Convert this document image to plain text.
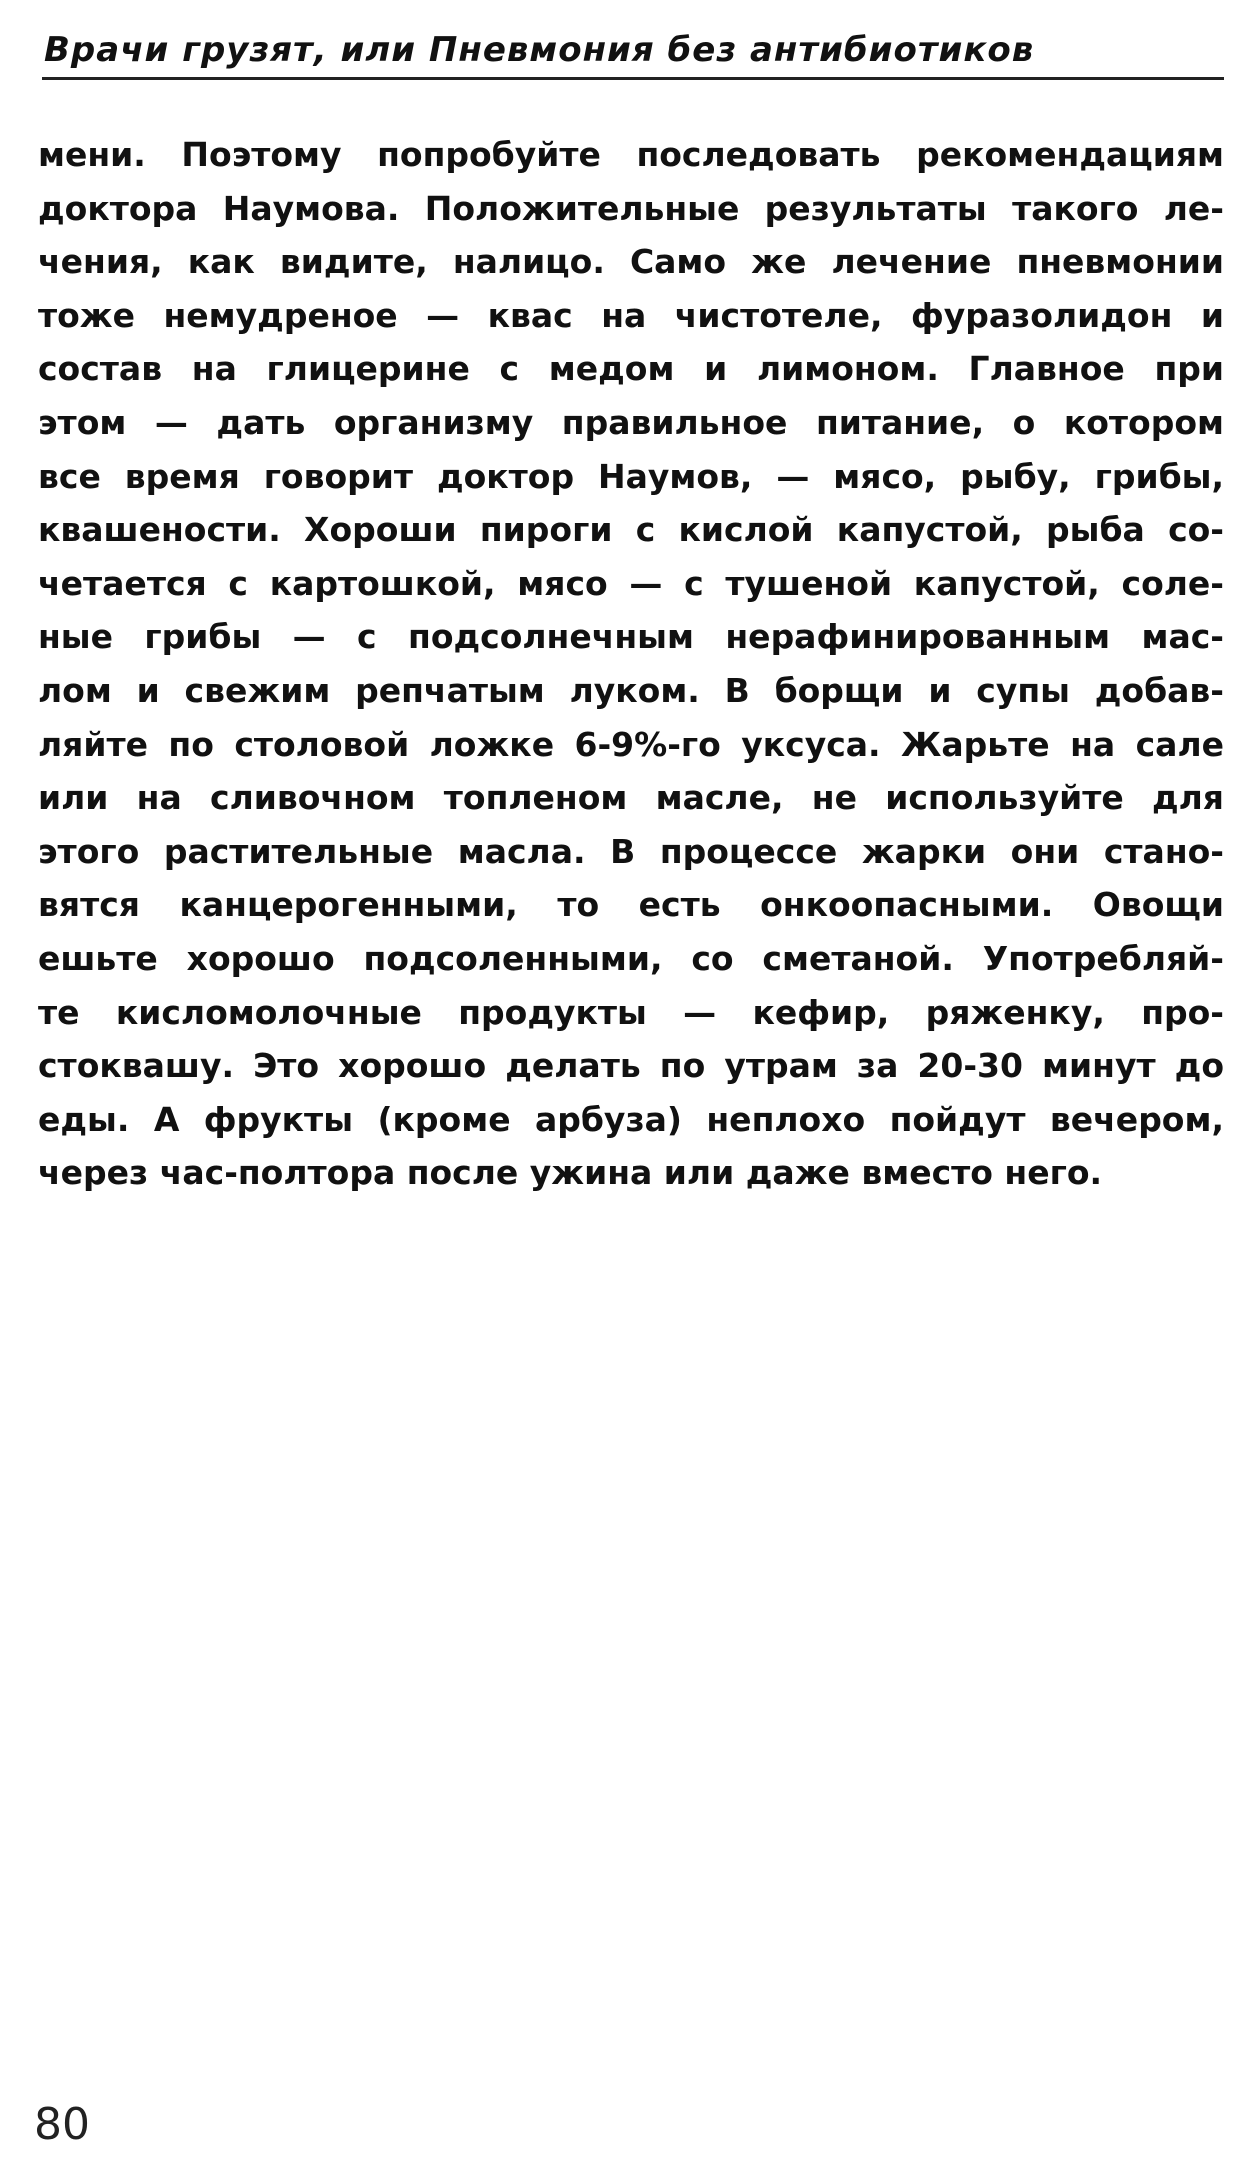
Врачи грузят, или Пневмония без антибиотиков
мени. Поэтому попробуйте последовать рекомендациям
доктора Наумова. Положительные результаты такого ле-
чения, как видите, налицо. Само же лечение пневмонии
тоже немудреное — квас на чистотеле, фуразолидон и
состав на глицерине с медом и лимоном. Главное при
этом — дать организму правильное питание, о котором
все время говорит доктор Наумов, — мясо, рыбу, грибы,
квашености. Хороши пироги с кислой капустой, рыба со-
четается с картошкой, мясо — с тушеной капустой, соле-
ные грибы — с подсолнечным нерафинированным мас-
лом и свежим репчатым луком. В борщи и супы добав-
ляйте по столовой ложке 6-9%-го уксуса. Жарьте на сале
или на сливочном топленом масле, не используйте для
этого растительные масла. В процессе жарки они стано-
вятся канцерогенными, то есть онкоопасными. Овощи
ешьте хорошо подсоленными, со сметаной. Употребляй-
те кисломолочные продукты — кефир, ряженку, про-
стоквашу. Это хорошо делать по утрам за 20-30 минут до
еды. А фрукты (кроме арбуза) неплохо пойдут вечером,
через час-полтора после ужина или даже вместо него.
80
